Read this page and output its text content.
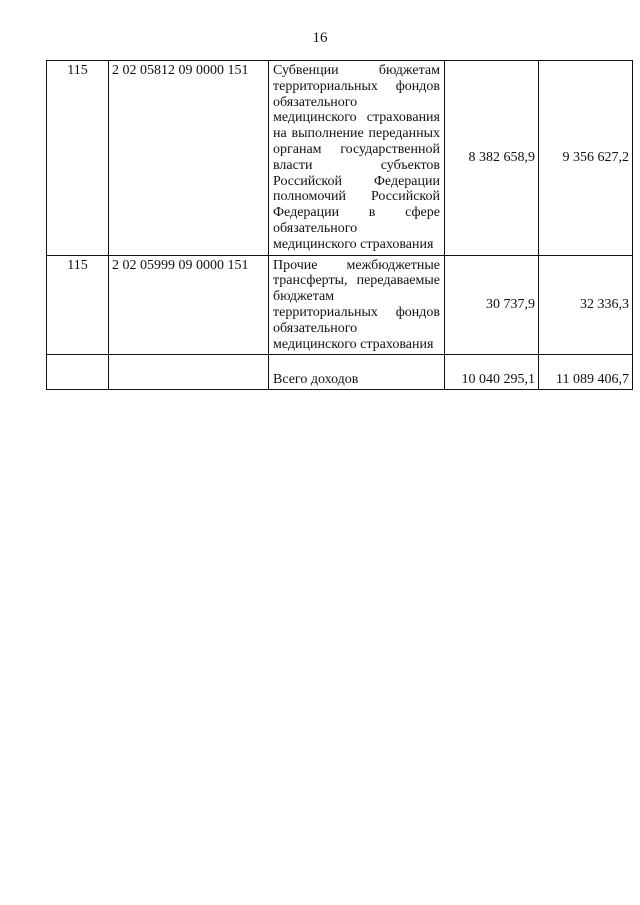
16
115	2 02 05812 09 0000 151	Субвенции бюджетам территориальных фондов обязательного медицинского страхования на выполнение переданных органам государственной власти субъектов Российской Федерации полномочий Российской Федерации в сфере обязательного медицинского страхования	8 382 658,9	9 356 627,2
115	2 02 05999 09 0000 151	Прочие межбюджетные трансферты, передаваемые бюджетам территориальных фондов обязательного медицинского страхования	30 737,9	32 336,3
		Всего доходов	10 040 295,1	11 089 406,7
